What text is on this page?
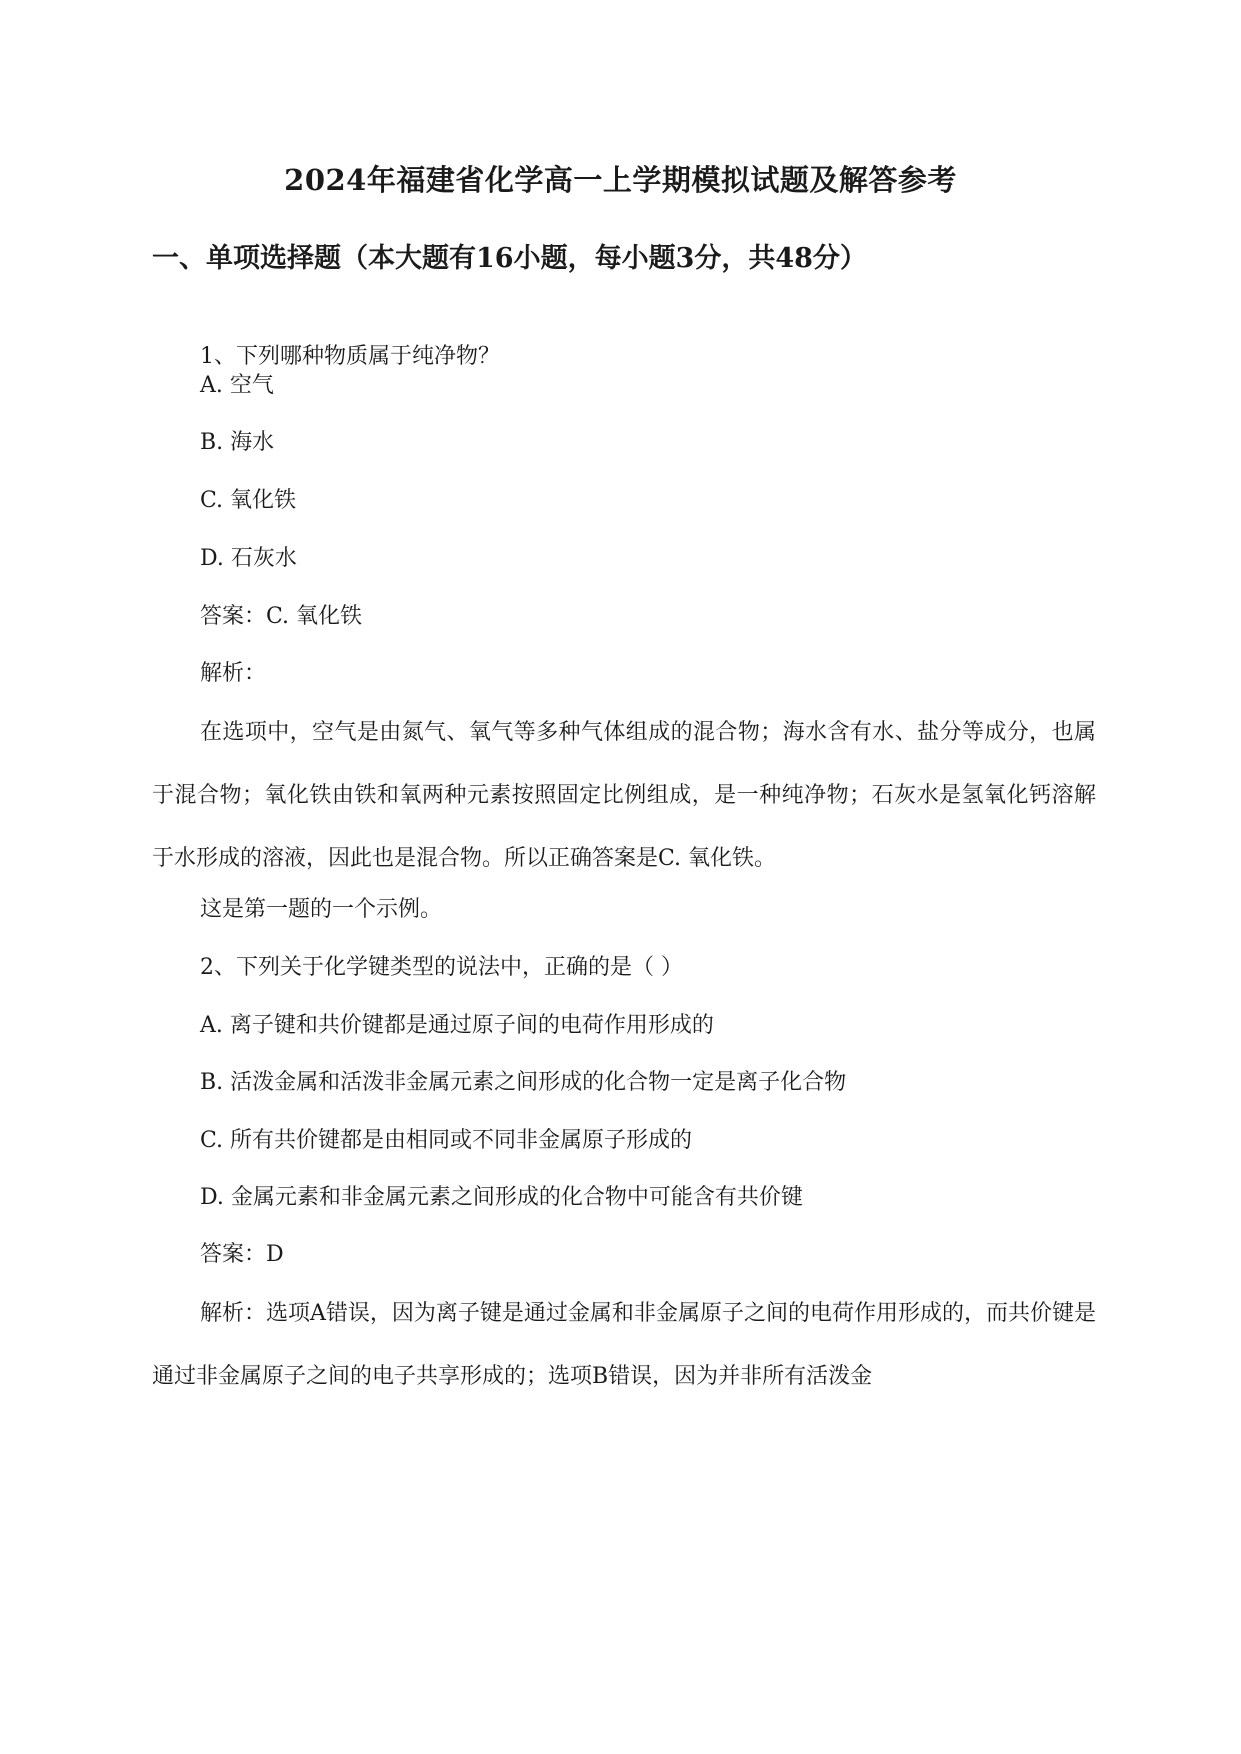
2024年福建省化学高一上学期模拟试题及解答参考
一、单项选择题（本大题有16小题，每小题3分，共48分）

1、下列哪种物质属于纯净物？

A. 空气

B. 海水

C. 氧化铁

D. 石灰水

答案：C. 氧化铁

解析：

在选项中，空气是由氮气、氧气等多种气体组成的混合物；海水含有水、盐分等成分，也属于混合物；氧化铁由铁和氧两种元素按照固定比例组成，是一种纯净物；石灰水是氢氧化钙溶解于水形成的溶液，因此也是混合物。所以正确答案是C. 氧化铁。

这是第一题的一个示例。

2、下列关于化学键类型的说法中，正确的是（ ）

A. 离子键和共价键都是通过原子间的电荷作用形成的

B. 活泼金属和活泼非金属元素之间形成的化合物一定是离子化合物

C. 所有共价键都是由相同或不同非金属原子形成的

D. 金属元素和非金属元素之间形成的化合物中可能含有共价键

答案：D

解析：选项A错误，因为离子键是通过金属和非金属原子之间的电荷作用形成的，而共价键是通过非金属原子之间的电子共享形成的；选项B错误，因为并非所有活泼金
